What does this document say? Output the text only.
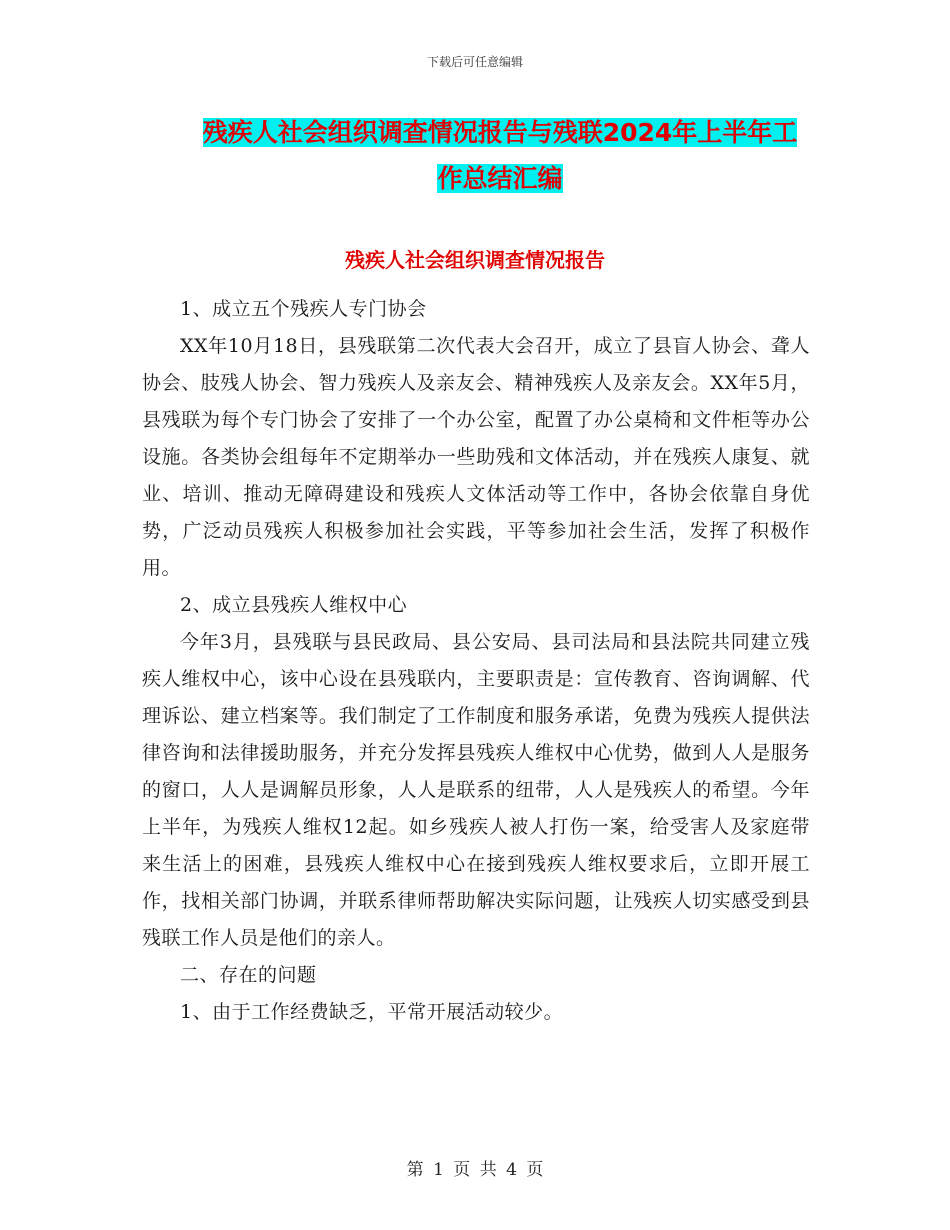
下载后可任意编辑
残疾人社会组织调查情况报告与残联2024年上半年工
作总结汇编
残疾人社会组织调查情况报告

1、成立五个残疾人专门协会

XX年10月18日，县残联第二次代表大会召开，成立了县盲人协会、聋人协会、肢残人协会、智力残疾人及亲友会、精神残疾人及亲友会。XX年5月，县残联为每个专门协会了安排了一个办公室，配置了办公桌椅和文件柜等办公设施。各类协会组每年不定期举办一些助残和文体活动，并在残疾人康复、就业、培训、推动无障碍建设和残疾人文体活动等工作中，各协会依靠自身优势，广泛动员残疾人积极参加社会实践，平等参加社会生活，发挥了积极作用。

2、成立县残疾人维权中心

今年3月，县残联与县民政局、县公安局、县司法局和县法院共同建立残疾人维权中心，该中心设在县残联内，主要职责是：宣传教育、咨询调解、代理诉讼、建立档案等。我们制定了工作制度和服务承诺，免费为残疾人提供法律咨询和法律援助服务，并充分发挥县残疾人维权中心优势，做到人人是服务的窗口，人人是调解员形象，人人是联系的纽带，人人是残疾人的希望。今年上半年，为残疾人维权12起。如乡残疾人被人打伤一案，给受害人及家庭带来生活上的困难，县残疾人维权中心在接到残疾人维权要求后，立即开展工作，找相关部门协调，并联系律师帮助解决实际问题，让残疾人切实感受到县残联工作人员是他们的亲人。

二、存在的问题

1、由于工作经费缺乏，平常开展活动较少。

第 1 页 共 4 页
